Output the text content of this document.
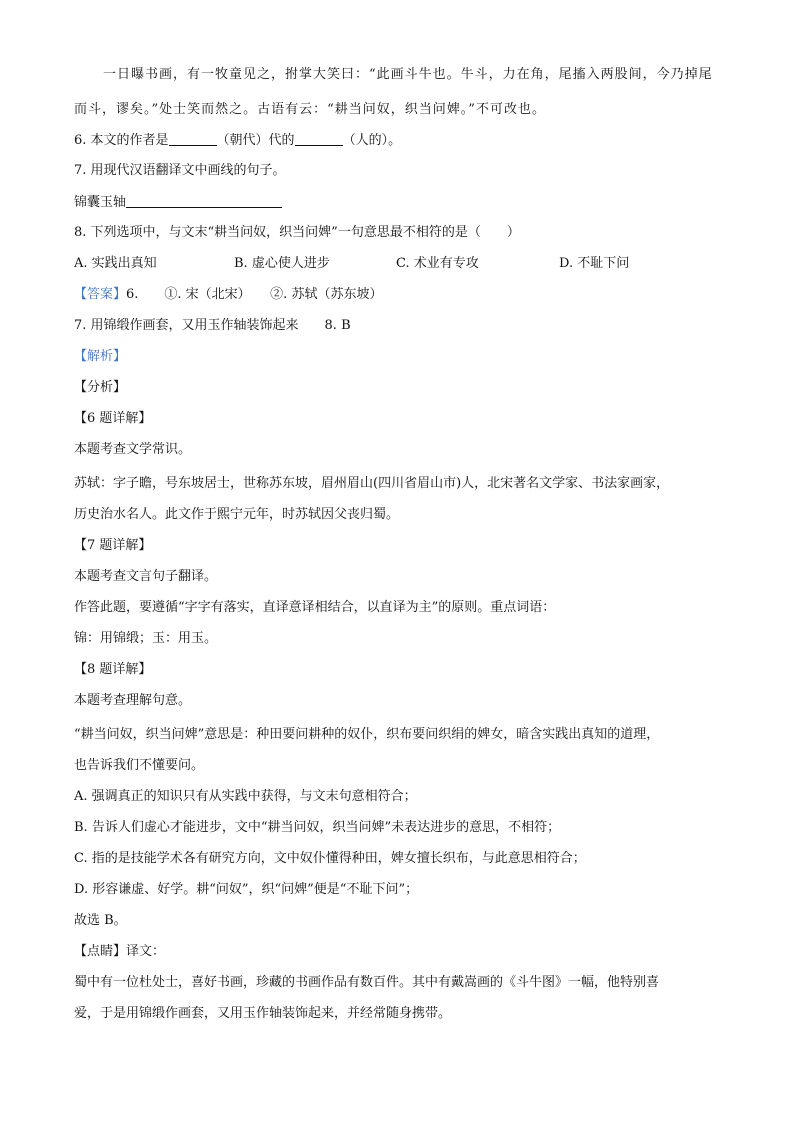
一日曝书画，有一牧童见之，拊掌大笑曰：“此画斗牛也。牛斗，力在角，尾搐入两股间，今乃掉尾
而斗，谬矣。”处士笑而然之。古语有云：“耕当问奴，织当问婢。”不可改也。
6. 本文的作者是	（朝代）代的	（人的）。
7. 用现代汉语翻译文中画线的句子。
锦囊玉轴
8. 下列选项中，与文末“耕当问奴，织当问婢”一句意思最不相符的是（　　）
A. 实践出真知	B. 虚心使人进步	C. 术业有专攻	D. 不耻下问
【答案】6.　　①. 宋（北宋）　　②. 苏轼（苏东坡）
7. 用锦缎作画套，又用玉作轴装饰起来　　8. B
【解析】
【分析】
【6 题详解】
本题考查文学常识。
苏轼：字子瞻，号东坡居士，世称苏东坡，眉州眉山(四川省眉山市)人，北宋著名文学家、书法家画家，
历史治水名人。此文作于熙宁元年，时苏轼因父丧归蜀。
【7 题详解】
本题考查文言句子翻译。
作答此题，要遵循“字字有落实，直译意译相结合，以直译为主”的原则。重点词语：
锦：用锦缎；玉：用玉。
【8 题详解】
本题考查理解句意。
“耕当问奴，织当问婢”意思是：种田要问耕种的奴仆，织布要问织绢的婢女，暗含实践出真知的道理，
也告诉我们不懂要问。
A. 强调真正的知识只有从实践中获得，与文末句意相符合；
B. 告诉人们虚心才能进步，文中“耕当问奴，织当问婢”未表达进步的意思，不相符；
C. 指的是技能学术各有研究方向，文中奴仆懂得种田，婢女擅长织布，与此意思相符合；
D. 形容谦虚、好学。耕“问奴”，织“问婢”便是“不耻下问”；
故选 B。
【点睛】译文：
蜀中有一位杜处士，喜好书画，珍藏的书画作品有数百件。其中有戴嵩画的《斗牛图》一幅，他特别喜
爱，于是用锦缎作画套，又用玉作轴装饰起来，并经常随身携带。
